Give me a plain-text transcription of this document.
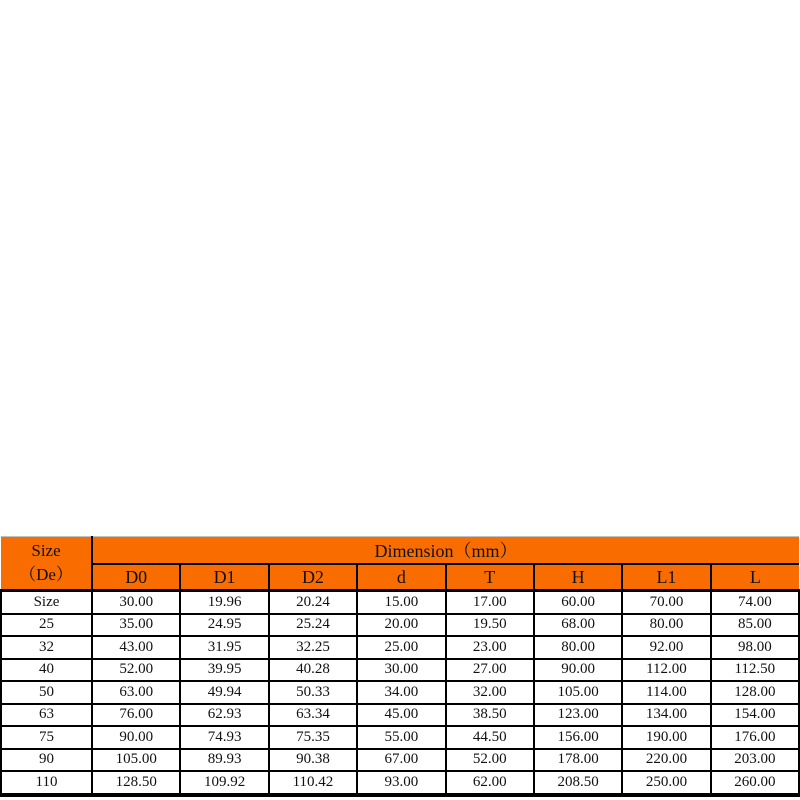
Size
（De）	Dimension（mm）							
	D0	D1	D2	d	T	H	L1	L
Size	30.00	19.96	20.24	15.00	17.00	60.00	70.00	74.00
25	35.00	24.95	25.24	20.00	19.50	68.00	80.00	85.00
32	43.00	31.95	32.25	25.00	23.00	80.00	92.00	98.00
40	52.00	39.95	40.28	30.00	27.00	90.00	112.00	112.50
50	63.00	49.94	50.33	34.00	32.00	105.00	114.00	128.00
63	76.00	62.93	63.34	45.00	38.50	123.00	134.00	154.00
75	90.00	74.93	75.35	55.00	44.50	156.00	190.00	176.00
90	105.00	89.93	90.38	67.00	52.00	178.00	220.00	203.00
110	128.50	109.92	110.42	93.00	62.00	208.50	250.00	260.00
